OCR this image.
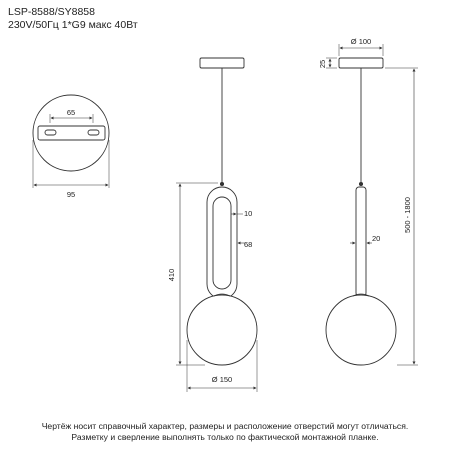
LSP-8588/SY8858
230V/50Гц 1*G9 макс 40Вт
65
95
10
68
410
Ø 150
Ø 100
25
20
500 - 1800
Чертёж носит справочный характер, размеры и расположение отверстий могут отличаться.
Разметку и сверление выполнять только по фактической монтажной планке.
